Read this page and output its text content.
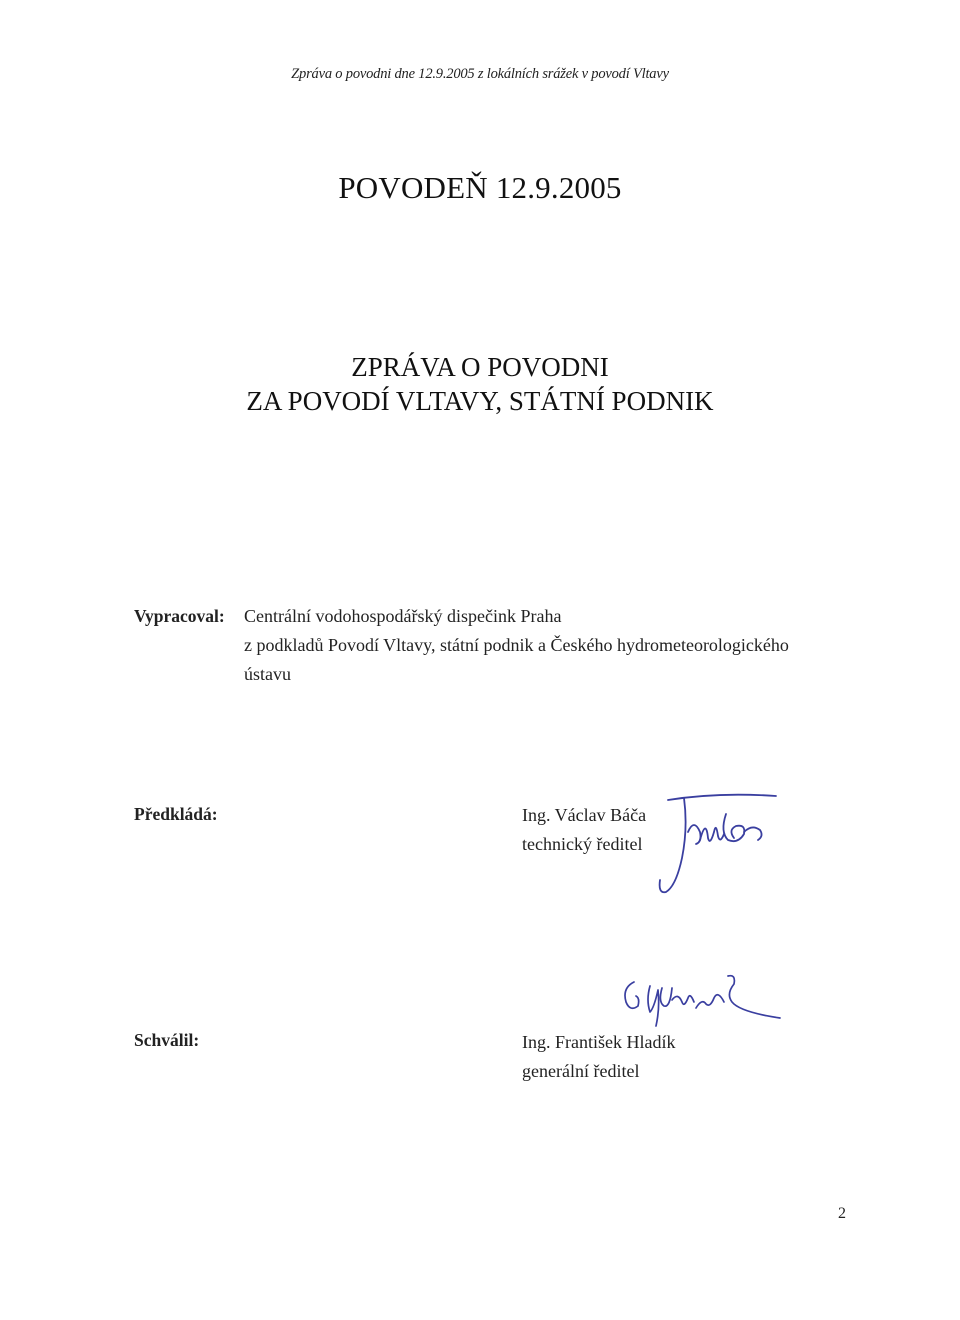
Zpráva o povodni dne 12.9.2005 z lokálních srážek v povodí Vltavy
POVODEŇ 12.9.2005
ZPRÁVA O POVODNI
ZA POVODÍ VLTAVY, STÁTNÍ PODNIK
Vypracoval: Centrální vodohospodářský dispečink Praha
z podkladů Povodí Vltavy, státní podnik a Českého hydrometeorologického
ústavu
Předkládá:	Ing. Václav Báča
technický ředitel
Schválil:	Ing. František Hladík
generální ředitel
2
